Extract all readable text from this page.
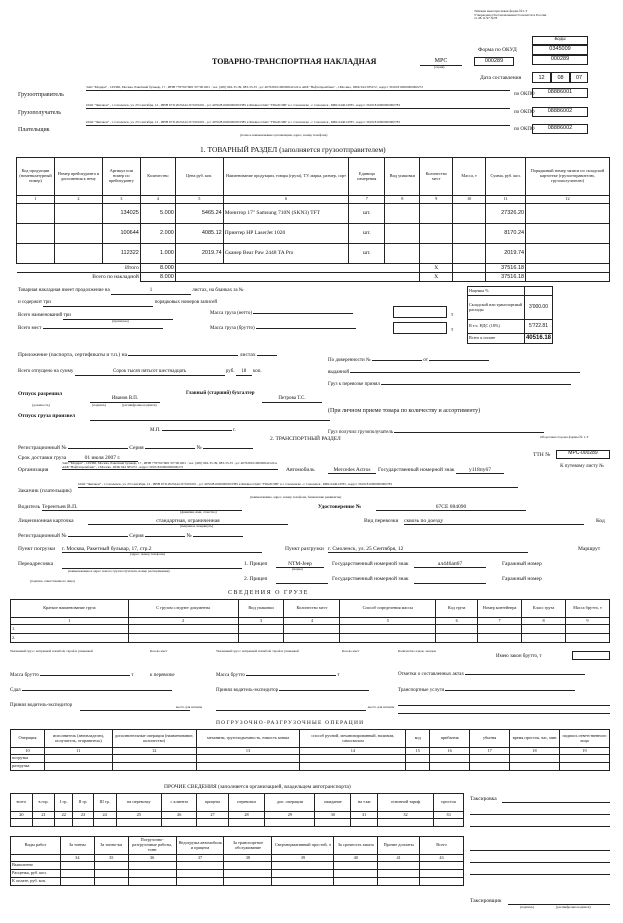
Типовая межотраслевая форма №1-Т
Утверждена Постановлением Госкомстата России
от 28.11.97 №78
Коды
Форма по ОКУД	0345009
000289
ТОВАРНО-ТРАНСПОРТНАЯ НАКЛАДНАЯ	МРС
(серия)
000289
Дата составления	12	08	07
Грузоотправитель
ЗАО "Модерн" , 129366, Москва, Ракетный бульвар, 17 , ИНН 7787027908 /677001001 , тел. (495) 992-35-39, 983-35-35 , р/с 40702810100000042124 в АКБ "Нефтепромбанк" , г.Москва , БИК 044 585272 , корр/с 30101810000000000272
по ОКПО	08886001
Грузополучатель
ООО "Ченчкон" , г. Смоленск, ул. 25 Сентября, 12 , ИНН 67312023244 /671001001 , р/с 40702810200000053385 в Филиал ОАО "УРАЛСИБ" в г. Смоленске , г. Смоленск , БИК 044614783 , корр/с 30101810000000000783
по ОКПО	08886002
Плательщик
ООО "Ченчкон" , г. Смоленск, ул. 25 Сентября, 12 , ИНН 67312023244 /671001001 , р/с 40702810200000053385 в Филиал ОАО "УРАЛСИБ" в г. Смоленске , г. Смоленск , БИК 044614783 , корр/с 30101810000000000783
(полное наименование организации, адрес, номер телефона)
по ОКПО	08886002
1. ТОВАРНЫЙ РАЗДЕЛ (заполняется грузоотправителем)
Код продукции (номенклатурный номер)	Номер прейскуранта и дополнения к нему	Артикул или номер по прейскуранту	Количество	Цена руб. коп.	Наименование продукции, товара (груза), ТУ, марка, размер, сорт	Единица измерения	Вид упаковки	Количество мест	Масса, т	Сумма, руб. коп.	Порядковый номер записи по складской картотеке (грузоотправителю, грузополучателю)
1	2	3	4	5	6	7	8	9	10	11	12
		134025	5.000	5465.24	Монитор 17" Samsung 710N (SKN3) TFT	шт.				27326.20	
		100644	2.000	4085.12	Принтер HP LaserJet 1020	шт.				8170.24	
		112322	1.000	2019.74	Сканер Bear Paw 2448 TA Pro	шт.				2019.74	
Итого			8.000					X		37516.18	
Всего по накладной			8.000					X		37516.18	
Товарная накладная имеет продолжение на	1	листах, на бланках за №
и содержит три	порядковых номеров записей
Всего наименований три
(прописью)
Всего мест
Масса груза (нетто)
Масса груза (брутто)
т
т
Наценка %	
Складской или транспортный расходы	3'000.00
В т.ч. НДС (18%)	5'722.81
Всего к оплате	40516.18
Приложение (паспорта, сертификаты и т.п.) на	листах
Всего отпущено на сумму	Сорок тысяч пятьсот шестнадцать	руб. 18 коп.
Отпуск разрешил
Иванов В.П.
Главный (старший) бухгалтер
Петрова Т.С.
(должность)	(подпись)	(расшифровка подписи)
Отпуск груза произвел
М.П.	г.
По доверенности №	от
выданной
Груз к перевозке принял
(При личном приеме товара по количеству и ассортименту)
Груз получил грузополучатель
Оборотная сторона формы № 1-Т
2. ТРАНСПОРТНЫЙ РАЗДЕЛ
ТТН №	МРС-000289
Регистрационный №	Серия	№
Срок доставки груза	01 июля 2007 г.
Организация
ЗАО "Модерн" , 129366, Москва, Ракетный бульвар, 17 , ИНН 7787027908 /677001001 , тел. (495) 992-35-39, 983-35-35 , р/с 40702810100000042124 в АКБ "Нефтепромбанк" , г.Москва , БИК 044 585272 , корр/с 30101810000000000272
Автомобиль	Mercedes Actros	Государственный номерной знак	у118пу67
К путевому листу №
Заказчик (плательщик)
ООО "Ченчкон" , г. Смоленск, ул. 25 Сентября, 12 , ИНН 67312023244 /671001001 , р/с 40702810200000053385 в Филиал ОАО "УРАЛСИБ" в г. Смоленске , г. Смоленск , БИК 044614783 , корр/с 30101810000000000783
(наименование, адрес, номер телефона, банковские реквизиты)
Водитель Терентьев В.П.
(фамилия, имя, отчество)
Удостоверение №	67СЕ 084090
Лицензионная карточка	стандартная, ограниченная
(ненужное зачеркнуть)
Вид перевозки сквозь по доезду	Код
Регистрационный №	Серия	№
Пункт погрузки г. Москва, Ракетный бульвар, 17, стр.2
(адрес, номер телефона)
Пункт разгрузки г. Смоленск, ул. 25 Сентября, 12	Маршрут
Переадресовка
(наименование и адрес нового грузополучателя, номер распоряжения)
1. Прицеп	NTM-Jeep
(марка)
Государственный номерной знак	ал446ап67	Гаражный номер
(подпись ответственного лица)	2. Прицеп	Государственный номерной знак	Гаражный номер
СВЕДЕНИЯ О ГРУЗЕ
Краткое наименование груза	С грузом следуют документы	Вид упаковки	Количество мест	Способ определения массы	Код груза	Номер контейнера	Класс груза	Масса брутто, т
1	2	3	4	5	6	7	8	9
1.								
2.								
Указанный груз с исправной пломбой, тарой и упаковкой	Кол-во мест	Указанный груз с исправной пломбой, тарой и упаковкой	Кол-во мест	Количество ездок, заездов
Имею закон брутто, т
Масса брутто	т	к перевозке	Масса брутто	т	Отметки о составленных актах
Сдал	Принял водитель-экспедитор	Транспортные услуги
Принял водитель-экспедитор	место для штампа	место для штампа
ПОГРУЗОЧНО-РАЗГРУЗОЧНЫЕ ОПЕРАЦИИ
Операция	исполнитель (автовладелец, получатель, отправитель)	дополнительные операции (наименование, количество)	механизм, грузоподъемность, емкость ковша	способ ручной, механизированный, наливом, самосвалом	код	прибытия	убытия	время простоя, час, мин	подпись ответственного лица
10	11	12	13	14	15	16	17	18	19
погрузка									
разгрузка									
ПРОЧИЕ СВЕДЕНИЯ (заполняется организацией, владельцем автотранспорта)
всего	в гор.	I гр.	II гр.	III гр.	на перевозку	с клиента	прицепа	перевозки	доп. операции	ожидание	на т.км	основной тариф	простоя
20	21	22	23	24	25	26	27	28	29	30	31	32	33

Таксировка
Виды работ	За тонны	За тонно-км	Погрузочно-разгрузочные работы, тонн	Недогрузка автомобиля и прицепа	За транспортное обслуживание	Сверхнормативный простой, ч	За срочность заказа	Прочие доплаты	Всего
	34	35	36	37	38	39	40	41	43
Выполнено									
Расценка, руб. коп.									
К оплате, руб. коп.									
Таксировщик
(подпись)	(расшифровка подписи)
